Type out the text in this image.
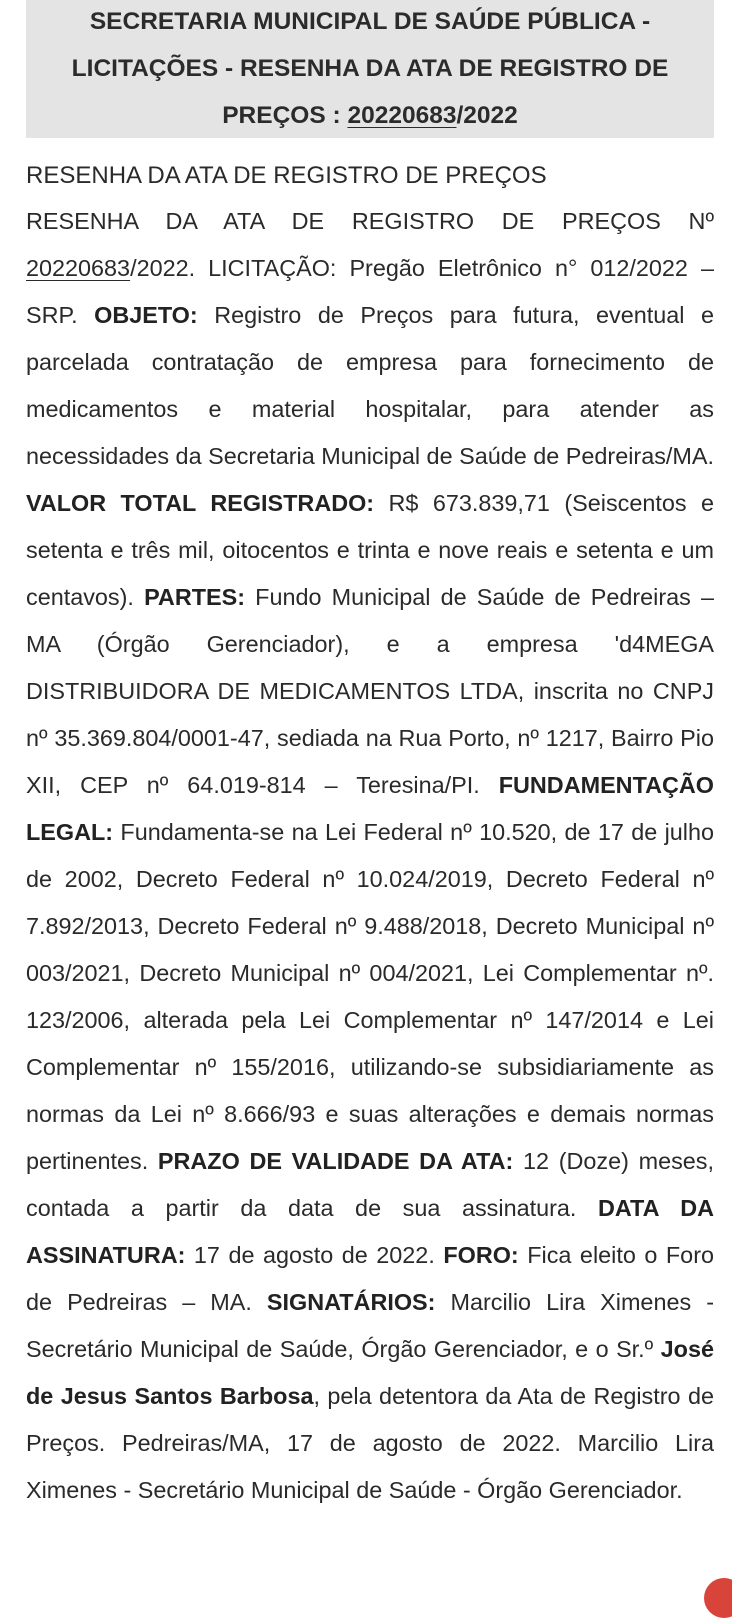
SECRETARIA MUNICIPAL DE SAÚDE PÚBLICA -
LICITAÇÕES - RESENHA DA ATA DE REGISTRO DE
PREÇOS : 20220683/2022
RESENHA DA ATA DE REGISTRO DE PREÇOS
RESENHA DA ATA DE REGISTRO DE PREÇOS Nº 20220683/2022. LICITAÇÃO: Pregão Eletrônico n° 012/2022 – SRP. OBJETO: Registro de Preços para futura, eventual e parcelada contratação de empresa para fornecimento de medicamentos e material hospitalar, para atender as necessidades da Secretaria Municipal de Saúde de Pedreiras/MA. VALOR TOTAL REGISTRADO: R$ 673.839,71 (Seiscentos e setenta e três mil, oitocentos e trinta e nove reais e setenta e um centavos). PARTES: Fundo Municipal de Saúde de Pedreiras – MA (Órgão Gerenciador), e a empresa 'd4MEGA DISTRIBUIDORA DE MEDICAMENTOS LTDA, inscrita no CNPJ nº 35.369.804/0001-47, sediada na Rua Porto, nº 1217, Bairro Pio XII, CEP nº 64.019-814 – Teresina/PI. FUNDAMENTAÇÃO LEGAL: Fundamenta-se na Lei Federal nº 10.520, de 17 de julho de 2002, Decreto Federal nº 10.024/2019, Decreto Federal nº 7.892/2013, Decreto Federal nº 9.488/2018, Decreto Municipal nº 003/2021, Decreto Municipal nº 004/2021, Lei Complementar nº. 123/2006, alterada pela Lei Complementar nº 147/2014 e Lei Complementar nº 155/2016, utilizando-se subsidiariamente as normas da Lei nº 8.666/93 e suas alterações e demais normas pertinentes. PRAZO DE VALIDADE DA ATA: 12 (Doze) meses, contada a partir da data de sua assinatura. DATA DA ASSINATURA: 17 de agosto de 2022. FORO: Fica eleito o Foro de Pedreiras – MA. SIGNATÁRIOS: Marcilio Lira Ximenes - Secretário Municipal de Saúde, Órgão Gerenciador, e o Sr.º José de Jesus Santos Barbosa, pela detentora da Ata de Registro de Preços. Pedreiras/MA, 17 de agosto de 2022. Marcilio Lira Ximenes - Secretário Municipal de Saúde - Órgão Gerenciador.
